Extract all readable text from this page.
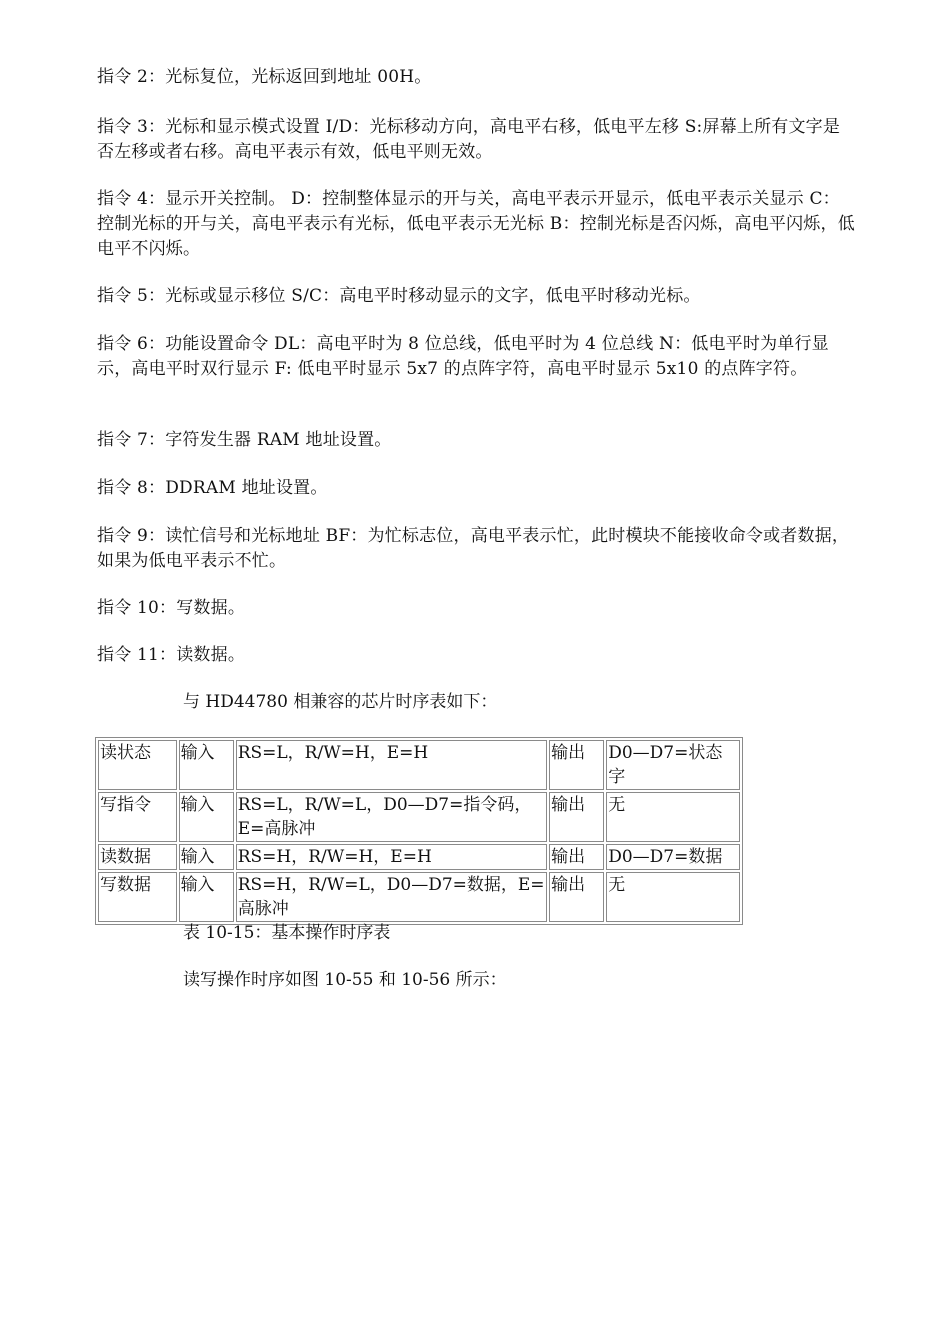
指令 2：光标复位，光标返回到地址 00H。

指令 3：光标和显示模式设置 I/D：光标移动方向，高电平右移，低电平左移 S:屏幕上所有文字是否左移或者右移。高电平表示有效，低电平则无效。

指令 4：显示开关控制。 D：控制整体显示的开与关，高电平表示开显示，低电平表示关显示 C：控制光标的开与关，高电平表示有光标，低电平表示无光标 B：控制光标是否闪烁，高电平闪烁，低电平不闪烁。

指令 5：光标或显示移位 S/C：高电平时移动显示的文字，低电平时移动光标。

指令 6：功能设置命令 DL：高电平时为 8 位总线，低电平时为 4 位总线 N：低电平时为单行显示，高电平时双行显示 F: 低电平时显示 5x7 的点阵字符，高电平时显示 5x10 的点阵字符。

指令 7：字符发生器 RAM 地址设置。

指令 8：DDRAM 地址设置。

指令 9：读忙信号和光标地址 BF：为忙标志位，高电平表示忙，此时模块不能接收命令或者数据，如果为低电平表示不忙。

指令 10：写数据。

指令 11：读数据。

与 HD44780 相兼容的芯片时序表如下：

读状态	输入	RS=L，R/W=H，E=H	输出	D0—D7=状态字
写指令	输入	RS=L，R/W=L，D0—D7=指令码，E=高脉冲	输出	无
读数据	输入	RS=H，R/W=H，E=H	输出	D0—D7=数据
写数据	输入	RS=H，R/W=L，D0—D7=数据，E=高脉冲	输出	无

表 10-15：基本操作时序表

读写操作时序如图 10-55 和 10-56 所示：
